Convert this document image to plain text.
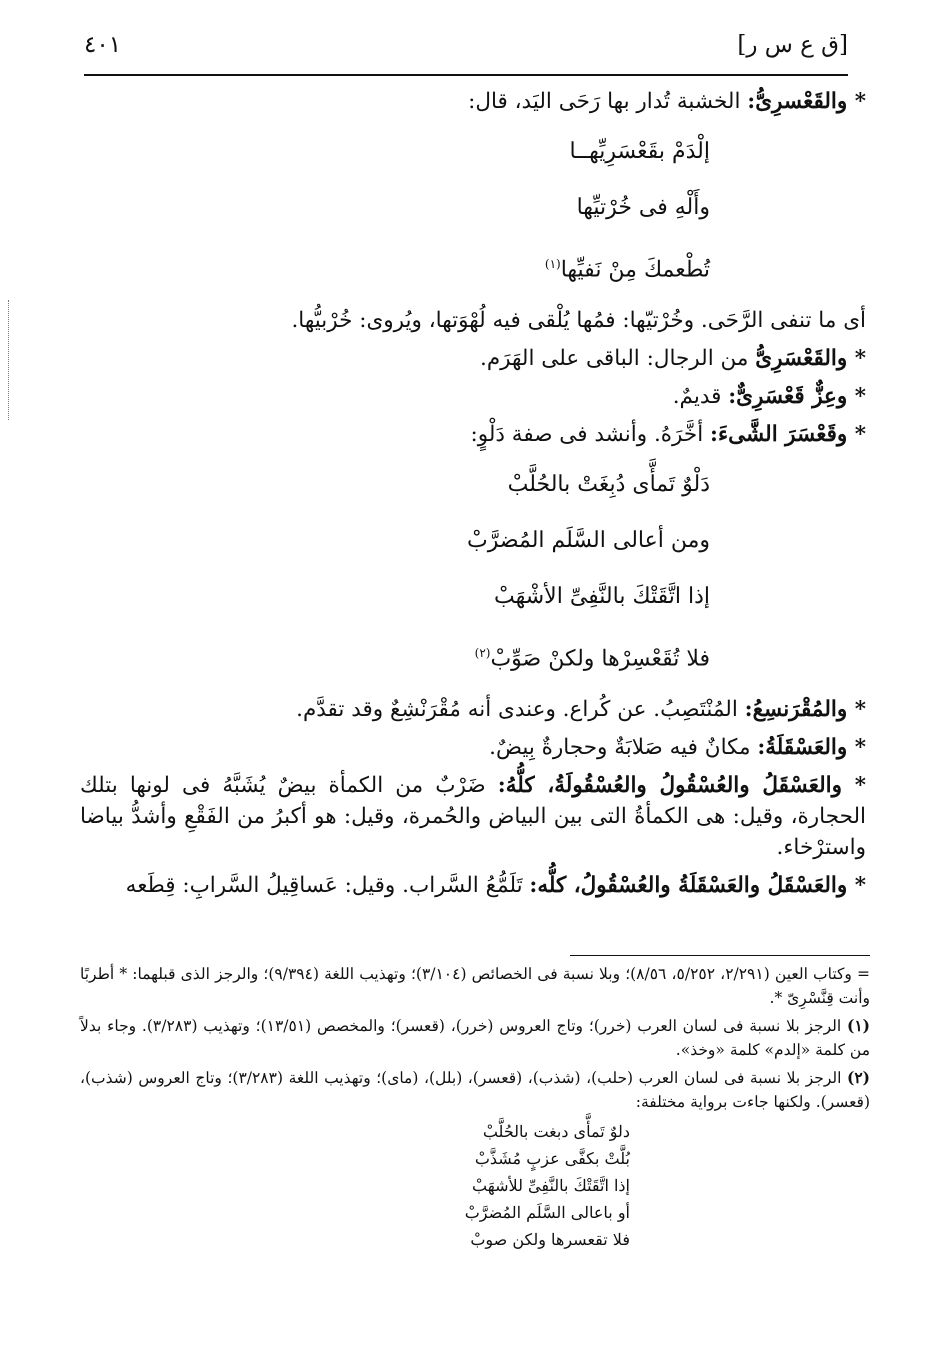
[ق ع س ر]
٤٠١

* والقَعْسرِىُّ: الخشبة تُدار بها رَحَى اليَد، قال:

إلْدَمْ بقَعْسَرِيِّهــا
وأَلْهِ فى خُرْتيِّها
تُطْعمكَ مِنْ نَفيِّها$^{(١)}$

أى ما تنفى الرَّحَى. وخُرْتيّها: فمُها يُلْقى فيه لُهْوَتها، ويُروى: خُرْبيُّها.

* والقَعْسَرِىُّ من الرجال: الباقى على الهَرَم.

* وعِزٌّ قَعْسَرِىٌّ: قديمٌ.

* وقَعْسَرَ الشَّىءَ: أخَّرَهُ. وأنشد فى صفة دَلْوٍ:

دَلْوٌ تَمأَّى دُبِغَتْ بالحُلَّبْ
ومن أعالى السَّلَم المُضرَّبْ
إذا اتَّقَتْكَ بالنَّفِىِّ الأشْهَبْ
فلا تُقَعْسِرْها ولكنْ صَوِّبْ$^{(٢)}$

* والمُقْرَنسِعُ: المُنْتَصِبُ. عن كُراع. وعندى أنه مُقْرَنْشِعٌ وقد تقدَّم.

* والعَسْقَلَةُ: مكانٌ فيه صَلابَةٌ وحجارةٌ بِيضٌ.

* والعَسْقَلُ والعُسْقُولُ والعُسْقُولَةُ، كلُّهُ: ضَرْبٌ من الكمأة بيضٌ يُشَبَّهُ فى لونها بتلك الحجارة، وقيل: هى الكمأةُ التى بين البياض والحُمرة، وقيل: هو أكبرُ من الفَقْعِ وأشدُّ بياضا واسترْخاء.

* والعَسْقَلُ والعَسْقَلَةُ والعُسْقُولُ، كلُّه: تَلَمُّعُ السَّراب. وقيل: عَساقِيلُ السَّرابِ: قِطَعه

= وكتاب العين (٢/٢٩١، ٥/٢٥٢، ٨/٥٦)؛ وبلا نسبة فى الخصائص (٣/١٠٤)؛ وتهذيب اللغة (٩/٣٩٤)؛ والرجز الذى قبلهما: * أطربًا وأنت قِنَّسْرِىّ *.

(١) الرجز بلا نسبة فى لسان العرب (خرر)؛ وتاج العروس (خرر)، (قعسر)؛ والمخصص (١٣/٥١)؛ وتهذيب (٣/٢٨٣). وجاء بدلاً من كلمة «إلدم» كلمة «وخذ».

(٢) الرجز بلا نسبة فى لسان العرب (حلب)، (شذب)، (قعسر)، (بلل)، (ماى)؛ وتهذيب اللغة (٣/٢٨٣)؛ وتاج العروس (شذب)، (قعسر). ولكنها جاءت برواية مختلفة:

دلوٌ تَمأَّى دبغت بالحُلَّبْ
بُلَّتْ بكفَّى عزبٍ مُشَذَّبْ
إذا اتَّقَتْكَ بالنَّفِىِّ للأشهَبْ
أو باعالى السَّلَم المُضرَّبْ
فلا تقعسرها ولكن صوبْ
